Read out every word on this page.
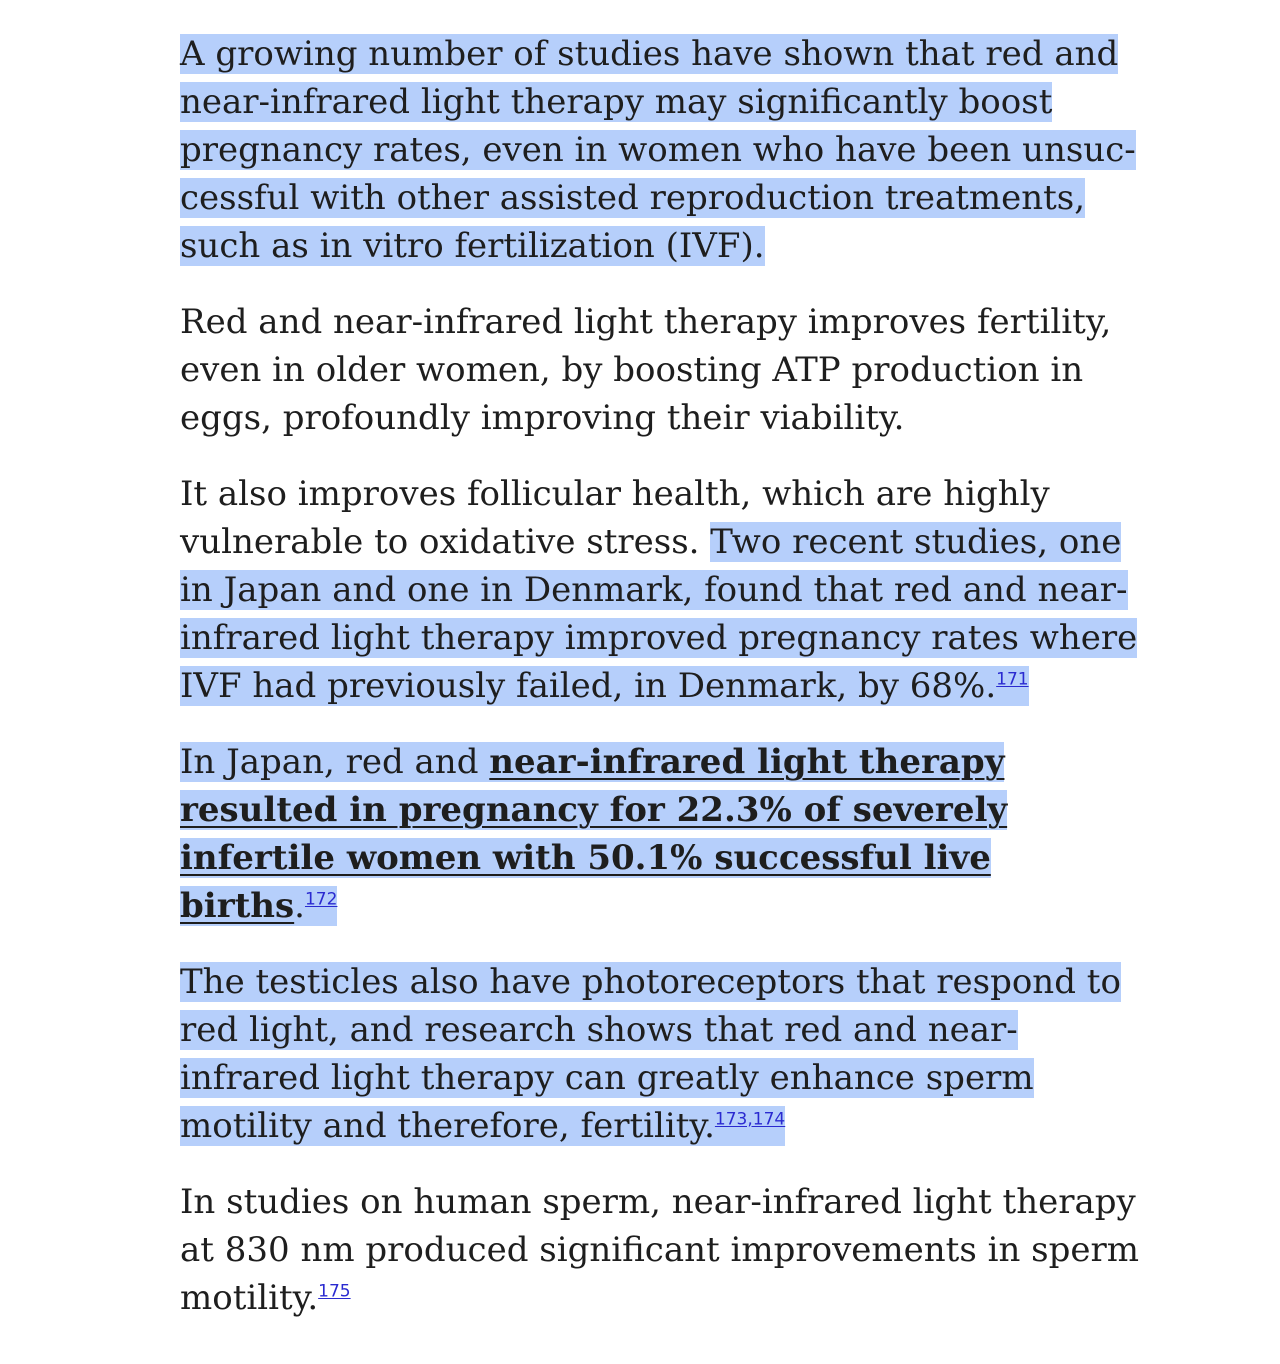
A growing number of studies have shown that red and near-infrared light therapy may significantly boost pregnancy rates, even in women who have been unsuccessful with other assisted reproduction treatments, such as in vitro fertilization (IVF).

Red and near-infrared light therapy improves fertility, even in older women, by boosting ATP production in eggs, profoundly improving their viability.

It also improves follicular health, which are highly vulnerable to oxidative stress. Two recent studies, one in Japan and one in Denmark, found that red and near-infrared light therapy improved pregnancy rates where IVF had previously failed, in Denmark, by 68%.$^{171}$

In Japan, red and near-infrared light therapy resulted in pregnancy for 22.3% of severely infertile women with 50.1% successful live births.$^{172}$

The testicles also have photoreceptors that respond to red light, and research shows that red and near-infrared light therapy can greatly enhance sperm motility and therefore, fertility.$^{173,174}$

In studies on human sperm, near-infrared light therapy at 830 nm produced significant improvements in sperm motility.$^{175}$
